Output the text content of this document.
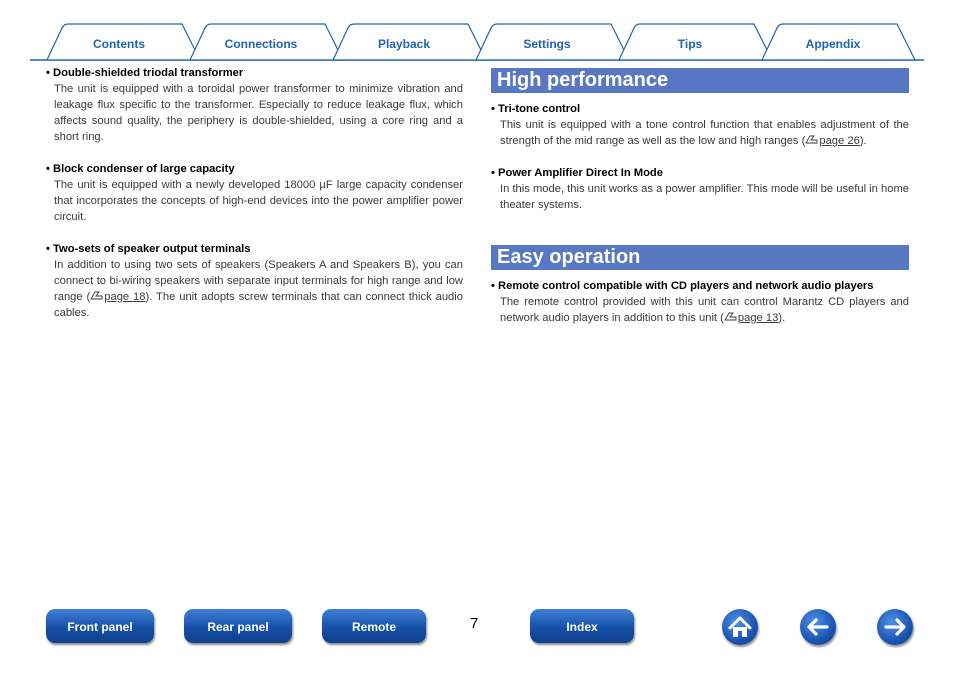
Contents	Connections	Playback	Settings	Tips	Appendix
• Double-shielded triodal transformer
The unit is equipped with a toroidal power transformer to minimize vibration and leakage flux specific to the transformer. Especially to reduce leakage flux, which affects sound quality, the periphery is double-shielded, using a core ring and a short ring.
• Block condenser of large capacity
The unit is equipped with a newly developed 18000 µF large capacity condenser that incorporates the concepts of high-end devices into the power amplifier power circuit.
• Two-sets of speaker output terminals
In addition to using two sets of speakers (Speakers A and Speakers B), you can connect to bi-wiring speakers with separate input terminals for high range and low range ( page 18). The unit adopts screw terminals that can connect thick audio cables.
High performance
• Tri-tone control
This unit is equipped with a tone control function that enables adjustment of the strength of the mid range as well as the low and high ranges ( page 26).
• Power Amplifier Direct In Mode
In this mode, this unit works as a power amplifier. This mode will be useful in home theater systems.
Easy operation
• Remote control compatible with CD players and network audio players
The remote control provided with this unit can control Marantz CD players and network audio players in addition to this unit ( page 13).
Front panel	Rear panel	Remote	7	Index
